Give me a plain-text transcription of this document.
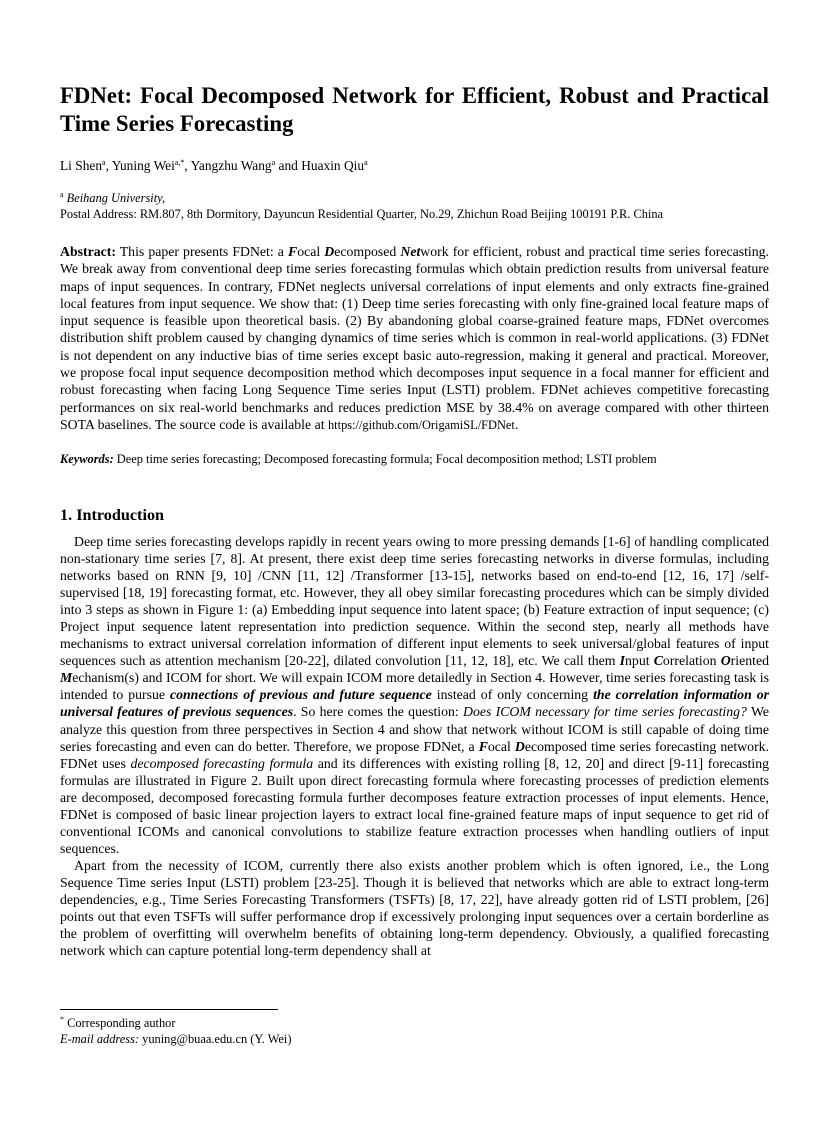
FDNet: Focal Decomposed Network for Efficient, Robust and Practical Time Series Forecasting

Li Shen$^a$, Yuning Wei$^{a,*}$, Yangzhu Wang$^a$ and Huaxin Qiu$^a$

$^a$ Beihang University,
Postal Address: RM.807, 8th Dormitory, Dayuncun Residential Quarter, No.29, Zhichun Road Beijing 100191 P.R. China

Abstract: This paper presents FDNet: a Focal Decomposed Network for efficient, robust and practical time series forecasting. We break away from conventional deep time series forecasting formulas which obtain prediction results from universal feature maps of input sequences. In contrary, FDNet neglects universal correlations of input elements and only extracts fine-grained local features from input sequence. We show that: (1) Deep time series forecasting with only fine-grained local feature maps of input sequence is feasible upon theoretical basis. (2) By abandoning global coarse-grained feature maps, FDNet overcomes distribution shift problem caused by changing dynamics of time series which is common in real-world applications. (3) FDNet is not dependent on any inductive bias of time series except basic auto-regression, making it general and practical. Moreover, we propose focal input sequence decomposition method which decomposes input sequence in a focal manner for efficient and robust forecasting when facing Long Sequence Time series Input (LSTI) problem. FDNet achieves competitive forecasting performances on six real-world benchmarks and reduces prediction MSE by 38.4% on average compared with other thirteen SOTA baselines. The source code is available at https://github.com/OrigamiSL/FDNet.

Keywords: Deep time series forecasting; Decomposed forecasting formula; Focal decomposition method; LSTI problem

1. Introduction

Deep time series forecasting develops rapidly in recent years owing to more pressing demands [1-6] of handling complicated non-stationary time series [7, 8]. At present, there exist deep time series forecasting networks in diverse formulas, including networks based on RNN [9, 10] /CNN [11, 12] /Transformer [13-15], networks based on end-to-end [12, 16, 17] /self-supervised [18, 19] forecasting format, etc. However, they all obey similar forecasting procedures which can be simply divided into 3 steps as shown in Figure 1: (a) Embedding input sequence into latent space; (b) Feature extraction of input sequence; (c) Project input sequence latent representation into prediction sequence. Within the second step, nearly all methods have mechanisms to extract universal correlation information of different input elements to seek universal/global features of input sequences such as attention mechanism [20-22], dilated convolution [11, 12, 18], etc. We call them Input Correlation Oriented Mechanism(s) and ICOM for short. We will expain ICOM more detailedly in Section 4. However, time series forecasting task is intended to pursue connections of previous and future sequence instead of only concerning the correlation information or universal features of previous sequences. So here comes the question: Does ICOM necessary for time series forecasting? We analyze this question from three perspectives in Section 4 and show that network without ICOM is still capable of doing time series forecasting and even can do better. Therefore, we propose FDNet, a Focal Decomposed time series forecasting network. FDNet uses decomposed forecasting formula and its differences with existing rolling [8, 12, 20] and direct [9-11] forecasting formulas are illustrated in Figure 2. Built upon direct forecasting formula where forecasting processes of prediction elements are decomposed, decomposed forecasting formula further decomposes feature extraction processes of input elements. Hence, FDNet is composed of basic linear projection layers to extract local fine-grained feature maps of input sequence to get rid of conventional ICOMs and canonical convolutions to stabilize feature extraction processes when handling outliers of input sequences.

Apart from the necessity of ICOM, currently there also exists another problem which is often ignored, i.e., the Long Sequence Time series Input (LSTI) problem [23-25]. Though it is believed that networks which are able to extract long-term dependencies, e.g., Time Series Forecasting Transformers (TSFTs) [8, 17, 22], have already gotten rid of LSTI problem, [26] points out that even TSFTs will suffer performance drop if excessively prolonging input sequences over a certain borderline as the problem of overfitting will overwhelm benefits of obtaining long-term dependency. Obviously, a qualified forecasting network which can capture potential long-term dependency shall at

* Corresponding author
E-mail address: yuning@buaa.edu.cn (Y. Wei)
